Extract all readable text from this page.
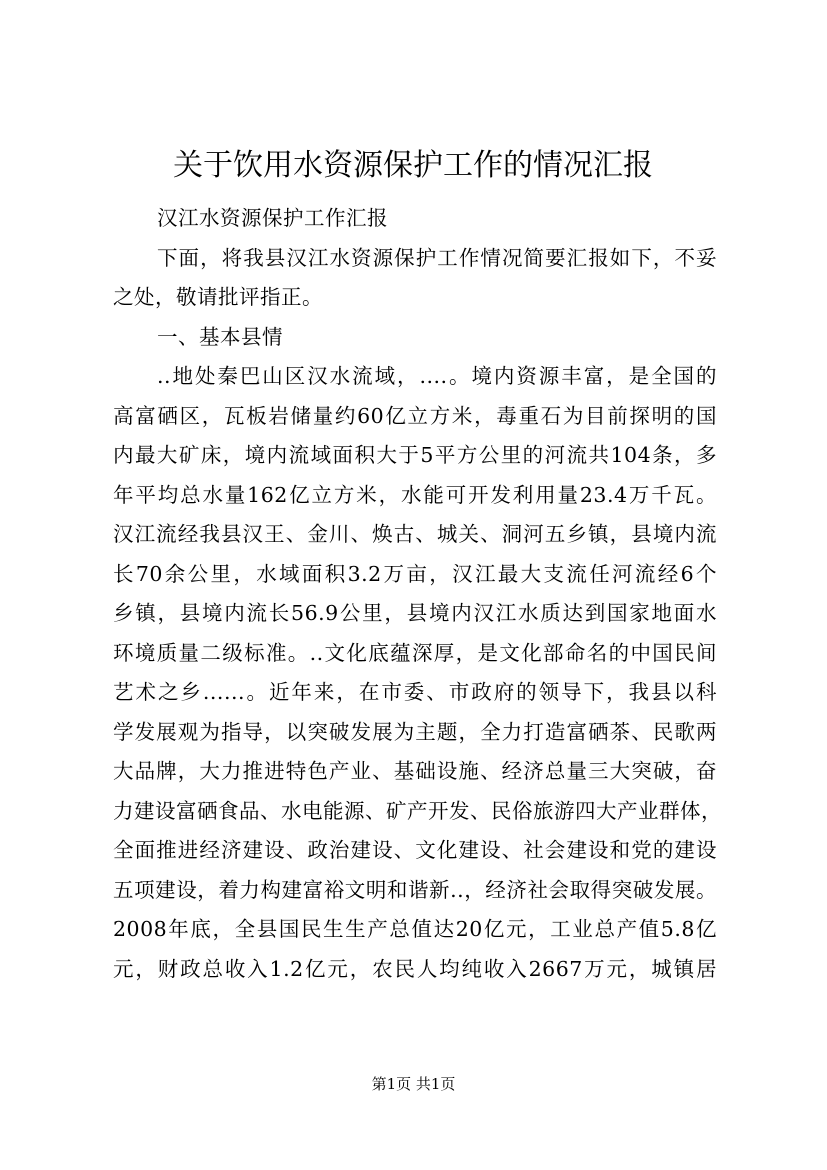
关于饮用水资源保护工作的情况汇报
汉江水资源保护工作汇报
下面，将我县汉江水资源保护工作情况简要汇报如下，不妥
之处，敬请批评指正。
一、基本县情
..地处秦巴山区汉水流域，....。境内资源丰富，是全国的
高富硒区，瓦板岩储量约60亿立方米，毒重石为目前探明的国
内最大矿床，境内流域面积大于5平方公里的河流共104条，多
年平均总水量162亿立方米，水能可开发利用量23.4万千瓦。
汉江流经我县汉王、金川、焕古、城关、洞河五乡镇，县境内流
长70余公里，水域面积3.2万亩，汉江最大支流任河流经6个
乡镇，县境内流长56.9公里，县境内汉江水质达到国家地面水
环境质量二级标准。..文化底蕴深厚，是文化部命名的中国民间
艺术之乡......。近年来，在市委、市政府的领导下，我县以科
学发展观为指导，以突破发展为主题，全力打造富硒茶、民歌两
大品牌，大力推进特色产业、基础设施、经济总量三大突破，奋
力建设富硒食品、水电能源、矿产开发、民俗旅游四大产业群体，
全面推进经济建设、政治建设、文化建设、社会建设和党的建设
五项建设，着力构建富裕文明和谐新..，经济社会取得突破发展。
2008年底，全县国民生生产总值达20亿元，工业总产值5.8亿
元，财政总收入1.2亿元，农民人均纯收入2667万元，城镇居
第1页 共1页
